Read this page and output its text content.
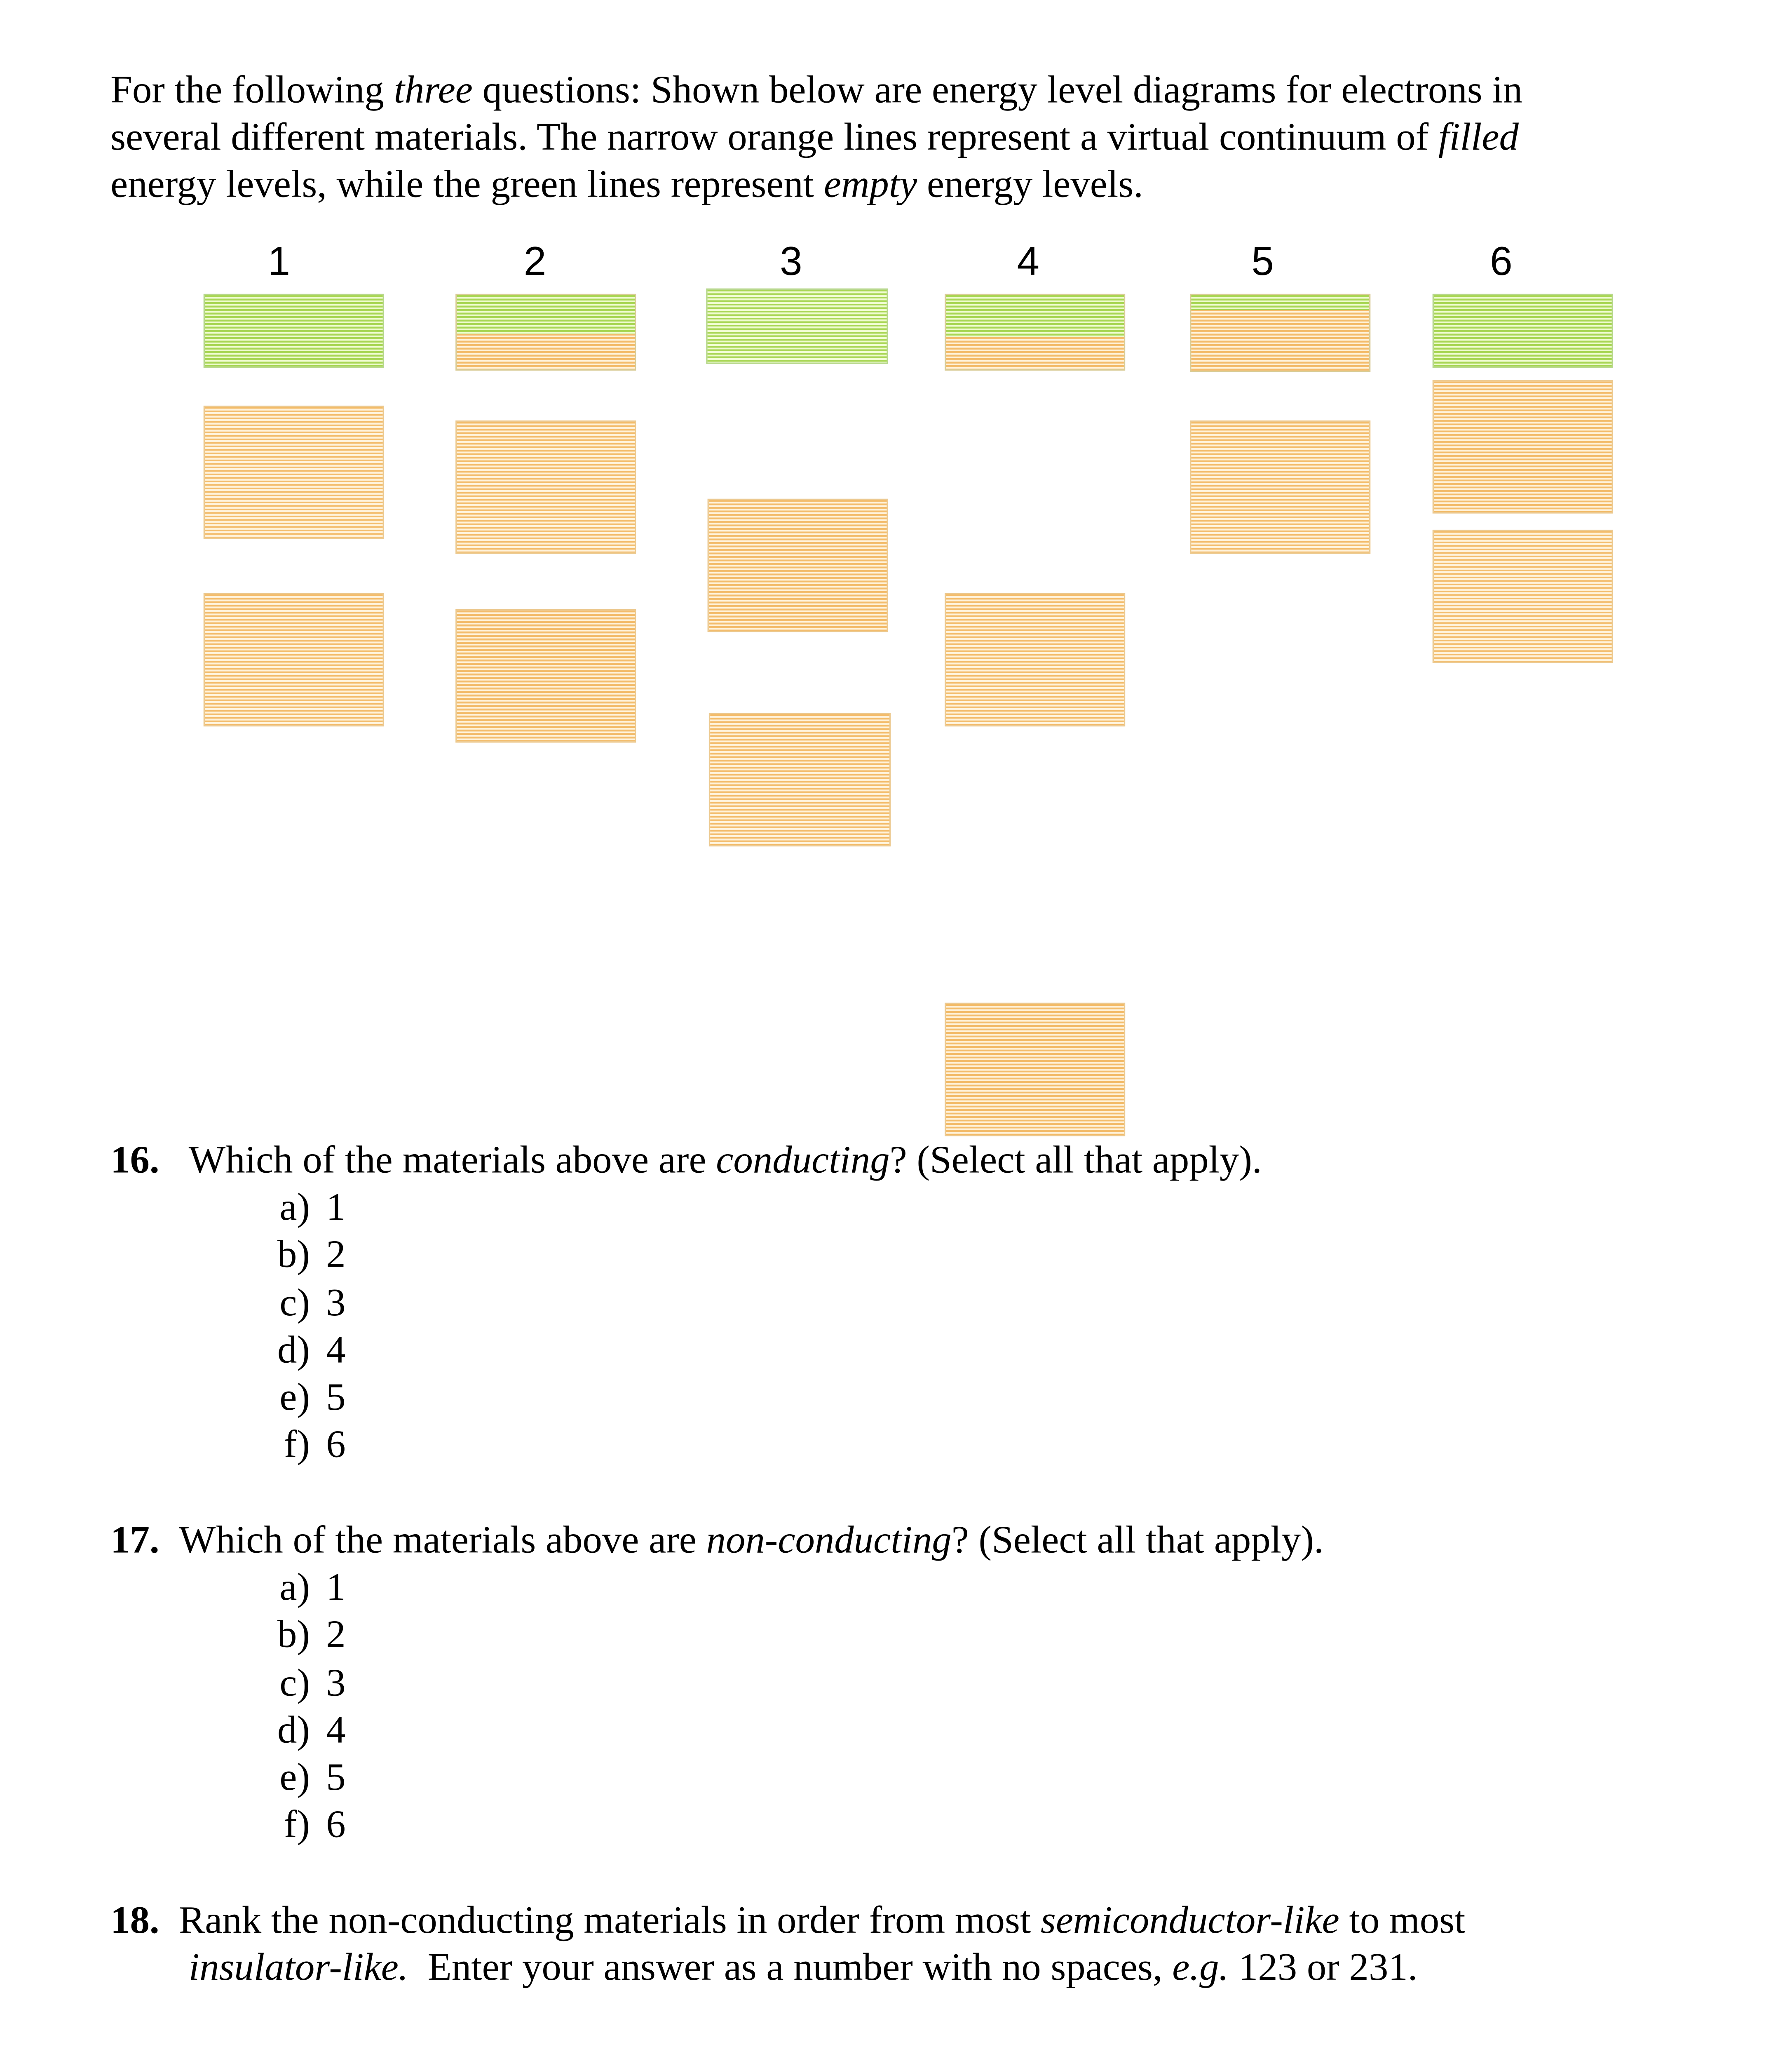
For the following three questions: Shown below are energy level diagrams for electrons in
several different materials. The narrow orange lines represent a virtual continuum of filled
energy levels, while the green lines represent empty energy levels.
1	2	3	4	5	6
16. Which of the materials above are conducting? (Select all that apply).
a) 1
b) 2
c) 3
d) 4
e) 5
f) 6
17. Which of the materials above are non-conducting? (Select all that apply).
a) 1
b) 2
c) 3
d) 4
e) 5
f) 6
18.  Rank the non-conducting materials in order from most semiconductor-like to most
insulator-like.  Enter your answer as a number with no spaces, e.g. 123 or 231.
